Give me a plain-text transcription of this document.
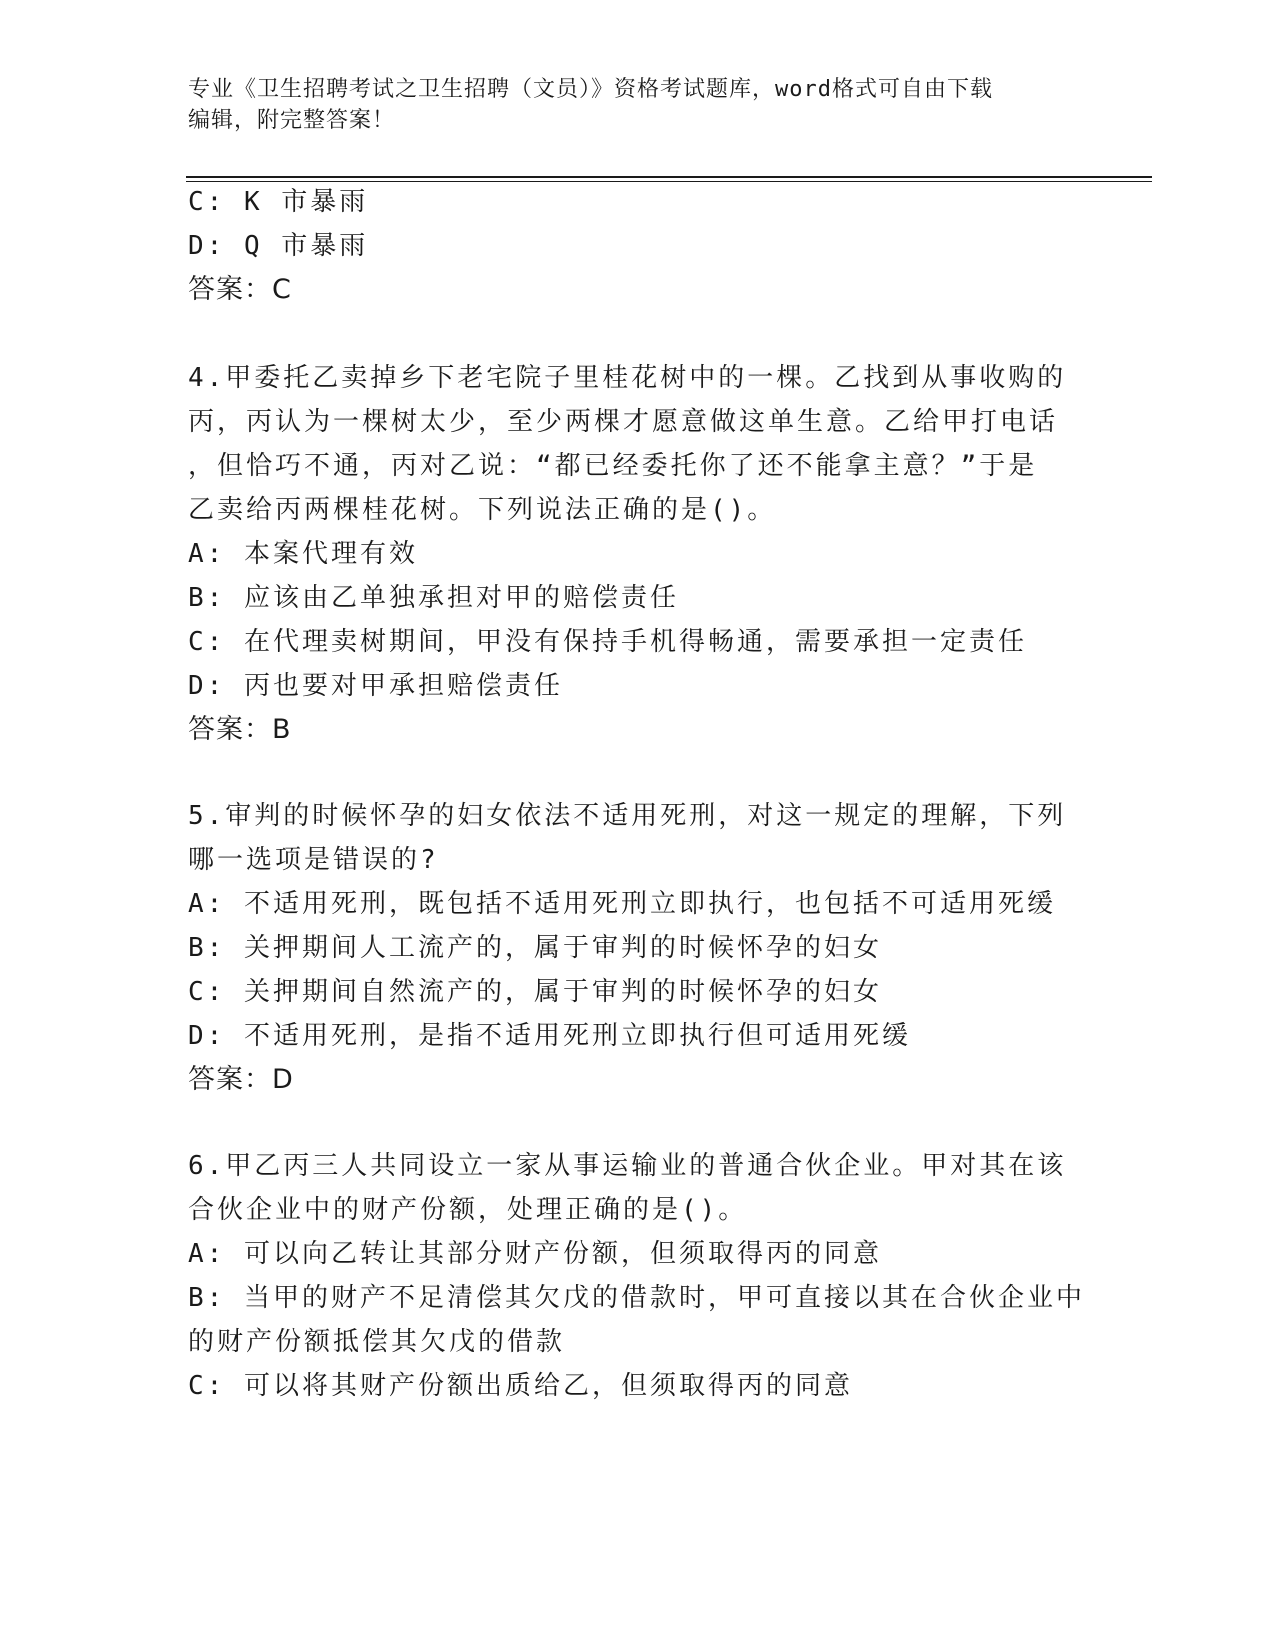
专业《卫生招聘考试之卫生招聘（文员）》资格考试题库，word格式可自由下载
编辑，附完整答案！
C: K 市暴雨
D: Q 市暴雨
答案：C
4.甲委托乙卖掉乡下老宅院子里桂花树中的一棵。乙找到从事收购的
丙，丙认为一棵树太少，至少两棵才愿意做这单生意。乙给甲打电话
，但恰巧不通，丙对乙说：“都已经委托你了还不能拿主意？”于是
乙卖给丙两棵桂花树。下列说法正确的是()。
A: 本案代理有效
B: 应该由乙单独承担对甲的赔偿责任
C: 在代理卖树期间，甲没有保持手机得畅通，需要承担一定责任
D: 丙也要对甲承担赔偿责任
答案：B
5.审判的时候怀孕的妇女依法不适用死刑，对这一规定的理解，下列
哪一选项是错误的?
A: 不适用死刑，既包括不适用死刑立即执行，也包括不可适用死缓
B: 关押期间人工流产的，属于审判的时候怀孕的妇女
C: 关押期间自然流产的，属于审判的时候怀孕的妇女
D: 不适用死刑，是指不适用死刑立即执行但可适用死缓
答案：D
6.甲乙丙三人共同设立一家从事运输业的普通合伙企业。甲对其在该
合伙企业中的财产份额，处理正确的是()。
A: 可以向乙转让其部分财产份额，但须取得丙的同意
B: 当甲的财产不足清偿其欠戊的借款时，甲可直接以其在合伙企业中
的财产份额抵偿其欠戊的借款
C: 可以将其财产份额出质给乙，但须取得丙的同意
